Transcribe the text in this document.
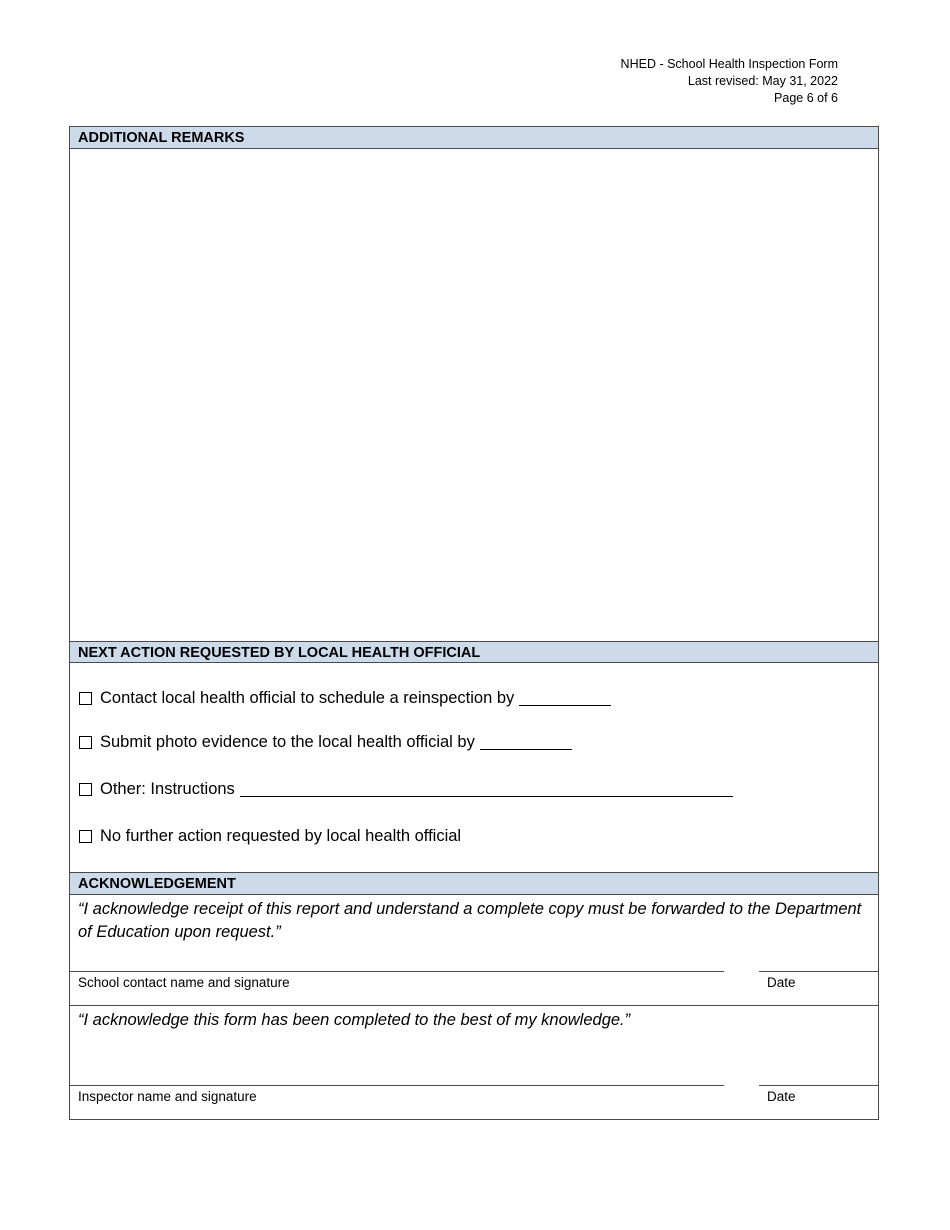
NHED - School Health Inspection Form
Last revised: May 31, 2022
Page 6 of 6
ADDITIONAL REMARKS
NEXT ACTION REQUESTED BY LOCAL HEALTH OFFICIAL
Contact local health official to schedule a reinspection by
Submit photo evidence to the local health official by
Other: Instructions
No further action requested by local health official
ACKNOWLEDGEMENT
“I acknowledge receipt of this report and understand a complete copy must be forwarded to the Department of Education upon request.”
School contact name and signature	Date
“I acknowledge this form has been completed to the best of my knowledge.”
Inspector name and signature	Date
